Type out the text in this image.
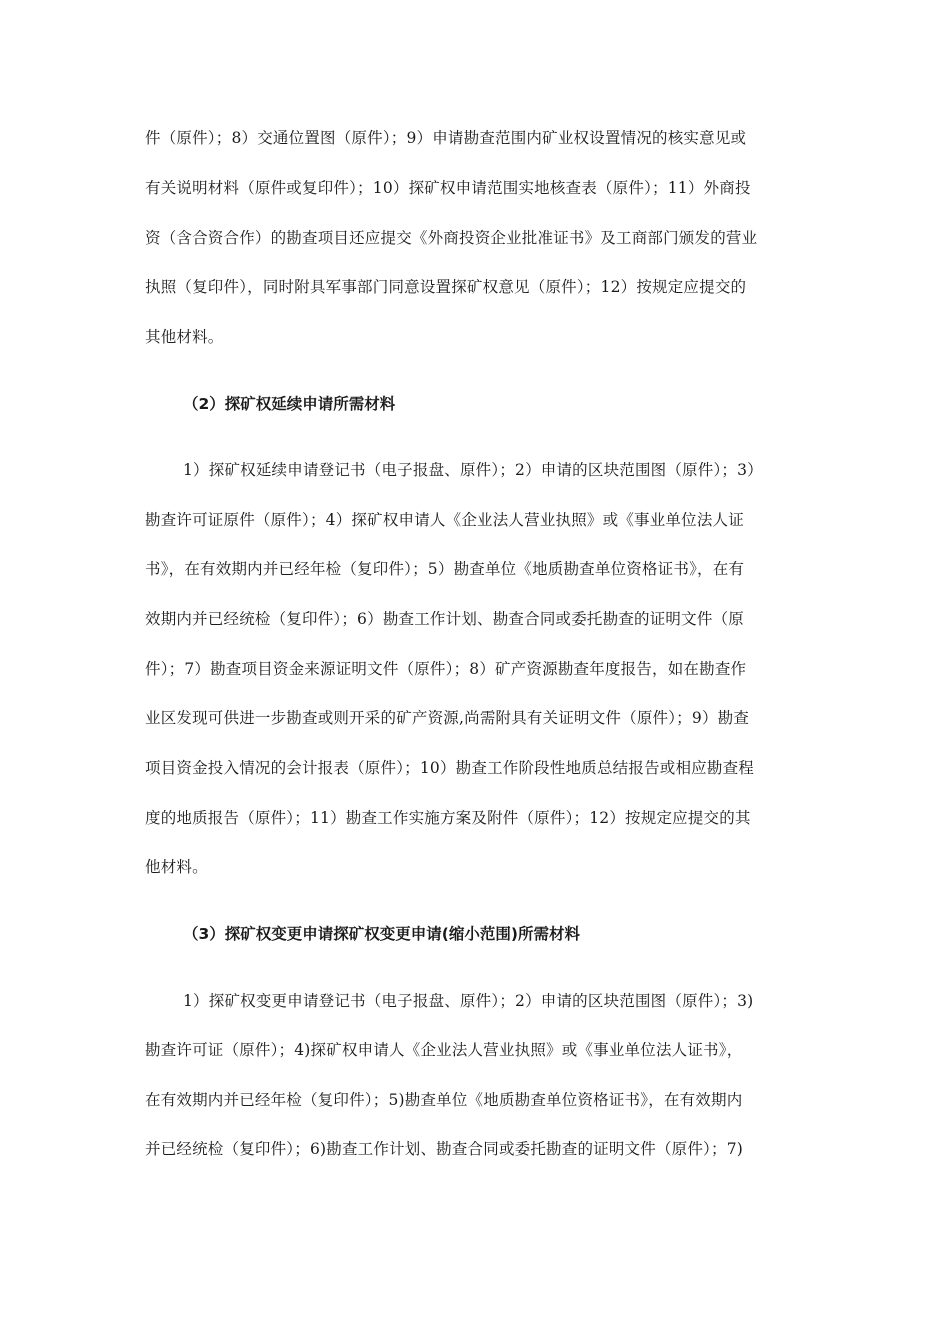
件（原件）；8）交通位置图（原件）；9）申请勘查范围内矿业权设置情况的核实意见或
有关说明材料（原件或复印件）；10）探矿权申请范围实地核查表（原件）；11）外商投
资（含合资合作）的勘查项目还应提交《外商投资企业批准证书》及工商部门颁发的营业
执照（复印件），同时附具军事部门同意设置探矿权意见（原件）；12）按规定应提交的
其他材料。
（2）探矿权延续申请所需材料
1）探矿权延续申请登记书（电子报盘、原件）；2）申请的区块范围图（原件）；3）
勘查许可证原件（原件）；4）探矿权申请人《企业法人营业执照》或《事业单位法人证
书》，在有效期内并已经年检（复印件）；5）勘查单位《地质勘查单位资格证书》，在有
效期内并已经统检（复印件）；6）勘查工作计划、勘查合同或委托勘查的证明文件（原
件）；7）勘查项目资金来源证明文件（原件）；8）矿产资源勘查年度报告，如在勘查作
业区发现可供进一步勘查或则开采的矿产资源,尚需附具有关证明文件（原件）；9）勘查
项目资金投入情况的会计报表（原件）；10）勘查工作阶段性地质总结报告或相应勘查程
度的地质报告（原件）；11）勘查工作实施方案及附件（原件）；12）按规定应提交的其
他材料。
（3）探矿权变更申请探矿权变更申请(缩小范围)所需材料
1）探矿权变更申请登记书（电子报盘、原件）；2）申请的区块范围图（原件）；3)
勘查许可证（原件）；4)探矿权申请人《企业法人营业执照》或《事业单位法人证书》，
在有效期内并已经年检（复印件）；5)勘查单位《地质勘查单位资格证书》，在有效期内
并已经统检（复印件）；6)勘查工作计划、勘查合同或委托勘查的证明文件（原件）；7)
